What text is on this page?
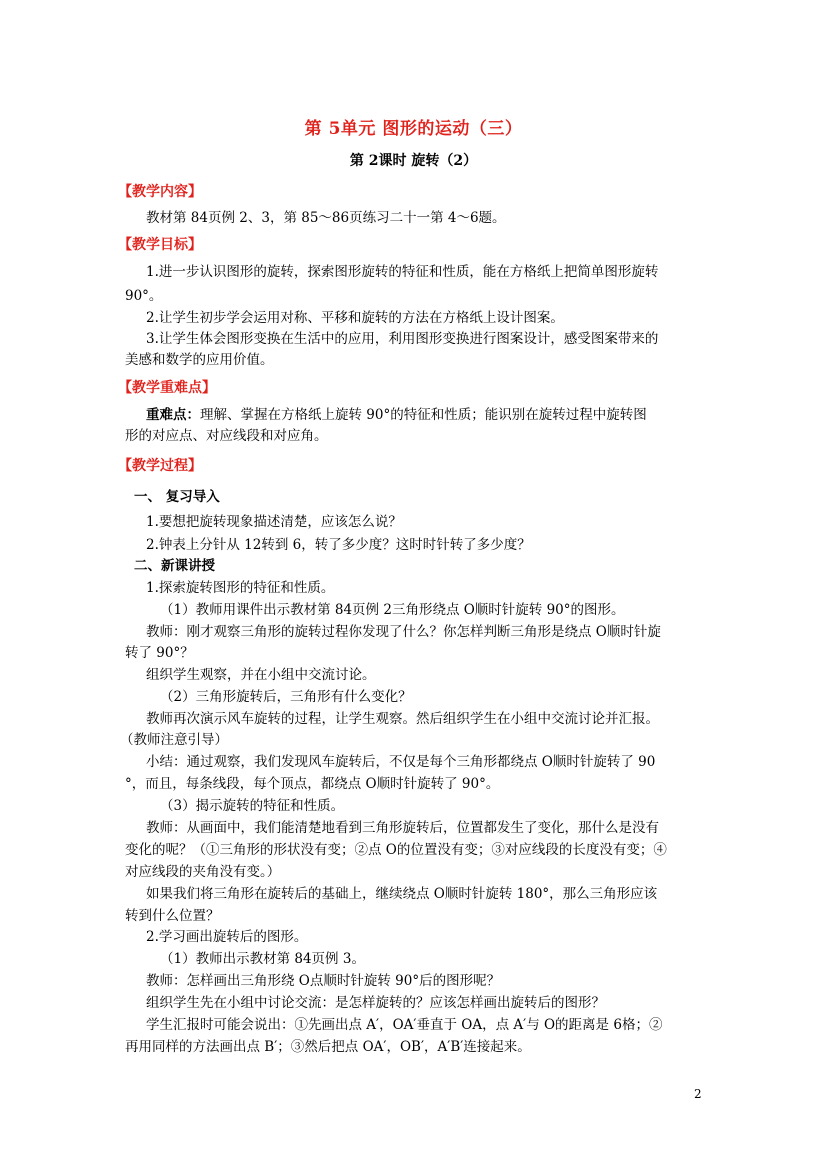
第 5单元 图形的运动（三）
第 2课时 旋转（2）
【教学内容】
教材第 84页例 2、3，第 85～86页练习二十一第 4～6题。
【教学目标】
1.进一步认识图形的旋转，探索图形旋转的特征和性质，能在方格纸上把简单图形旋转
90°。
2.让学生初步学会运用对称、平移和旋转的方法在方格纸上设计图案。
3.让学生体会图形变换在生活中的应用，利用图形变换进行图案设计，感受图案带来的
美感和数学的应用价值。
【教学重难点】
重难点：理解、掌握在方格纸上旋转 90°的特征和性质；能识别在旋转过程中旋转图
形的对应点、对应线段和对应角。
【教学过程】
一、 复习导入
1.要想把旋转现象描述清楚，应该怎么说？
2.钟表上分针从 12转到 6，转了多少度？这时时针转了多少度？
二、新课讲授
1.探索旋转图形的特征和性质。
（1）教师用课件出示教材第 84页例 2三角形绕点 O顺时针旋转 90°的图形。
教师：刚才观察三角形的旋转过程你发现了什么？你怎样判断三角形是绕点 O顺时针旋
转了 90°？
组织学生观察，并在小组中交流讨论。
（2）三角形旋转后，三角形有什么变化？
教师再次演示风车旋转的过程，让学生观察。然后组织学生在小组中交流讨论并汇报。
（教师注意引导）
小结：通过观察，我们发现风车旋转后，不仅是每个三角形都绕点 O顺时针旋转了 90
°，而且，每条线段，每个顶点，都绕点 O顺时针旋转了 90°。
（3）揭示旋转的特征和性质。
教师：从画面中，我们能清楚地看到三角形旋转后，位置都发生了变化，那什么是没有
变化的呢？（①三角形的形状没有变；②点 O的位置没有变；③对应线段的长度没有变；④
对应线段的夹角没有变。）
如果我们将三角形在旋转后的基础上，继续绕点 O顺时针旋转 180°，那么三角形应该
转到什么位置？
2.学习画出旋转后的图形。
（1）教师出示教材第 84页例 3。
教师：怎样画出三角形绕 O点顺时针旋转 90°后的图形呢？
组织学生先在小组中讨论交流：是怎样旋转的？应该怎样画出旋转后的图形？
学生汇报时可能会说出：①先画出点 A′，OA′垂直于 OA，点 A′与 O的距离是 6格；②
再用同样的方法画出点 B′；③然后把点 OA′，OB′，A′B′连接起来。
2
